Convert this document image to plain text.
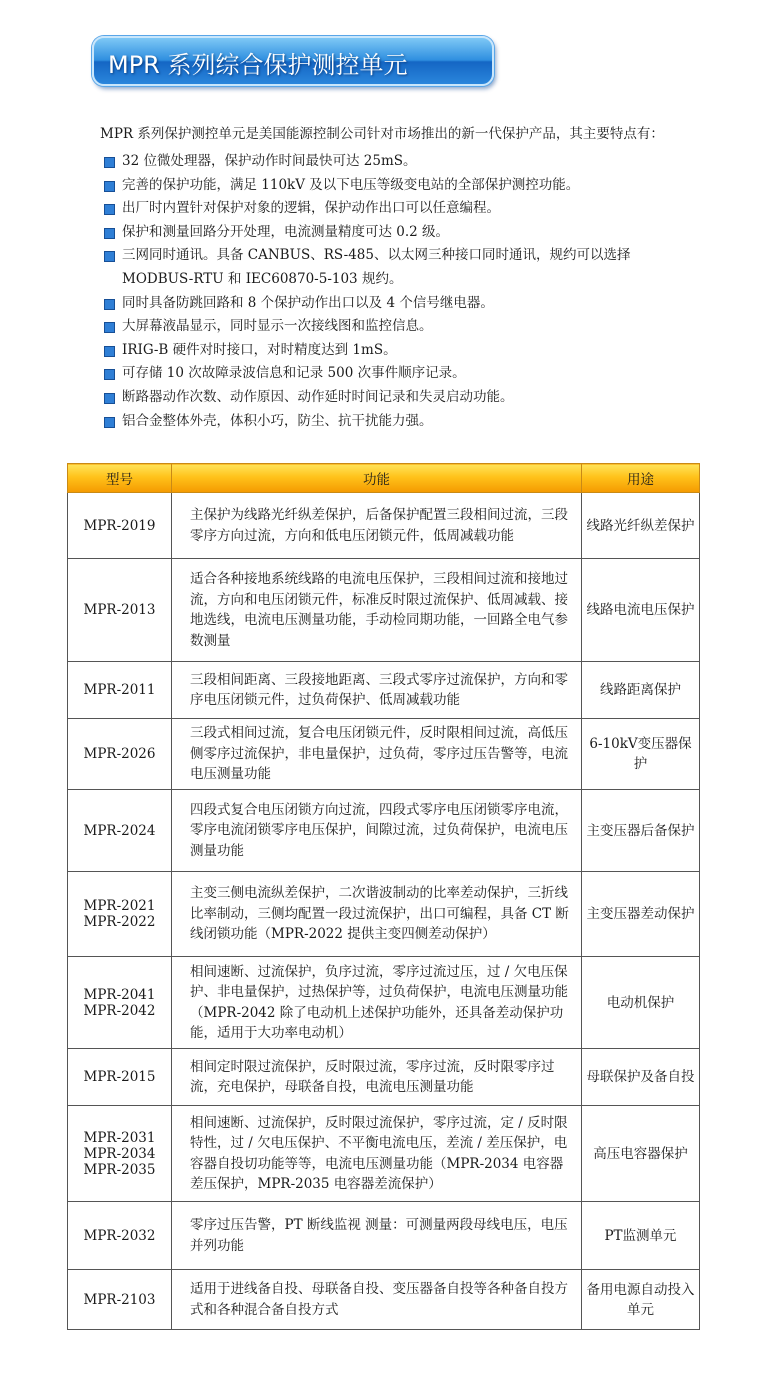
MPR 系列综合保护测控单元
MPR 系列保护测控单元是美国能源控制公司针对市场推出的新一代保护产品，其主要特点有：
32 位微处理器，保护动作时间最快可达 25mS。
完善的保护功能，满足 110kV 及以下电压等级变电站的全部保护测控功能。
出厂时内置针对保护对象的逻辑，保护动作出口可以任意编程。
保护和测量回路分开处理，电流测量精度可达 0.2 级。
三网同时通讯。具备 CANBUS、RS-485、以太网三种接口同时通讯，规约可以选择
MODBUS-RTU 和 IEC60870-5-103 规约。
同时具备防跳回路和 8 个保护动作出口以及 4 个信号继电器。
大屏幕液晶显示，同时显示一次接线图和监控信息。
IRIG-B 硬件对时接口，对时精度达到 1mS。
可存储 10 次故障录波信息和记录 500 次事件顺序记录。
断路器动作次数、动作原因、动作延时时间记录和失灵启动功能。
铝合金整体外壳，体积小巧，防尘、抗干扰能力强。
型号	功能	用途

MPR-2019	主保护为线路光纤纵差保护，后备保护配置三段相间过流，三段零序方向过流，方向和低电压闭锁元件，低周减载功能	线路光纤纵差保护

MPR-2013	适合各种接地系统线路的电流电压保护，三段相间过流和接地过流，方向和电压闭锁元件，标准反时限过流保护、低周减载、接地选线，电流电压测量功能，手动检同期功能，一回路全电气参数测量	线路电流电压保护

MPR-2011	三段相间距离、三段接地距离、三段式零序过流保护，方向和零序电压闭锁元件，过负荷保护、低周减载功能	线路距离保护

MPR-2026	三段式相间过流，复合电压闭锁元件，反时限相间过流，高低压侧零序过流保护，非电量保护，过负荷，零序过压告警等，电流电压测量功能	6-10kV变压器保护

MPR-2024	四段式复合电压闭锁方向过流，四段式零序电压闭锁零序电流，零序电流闭锁零序电压保护，间隙过流，过负荷保护，电流电压测量功能	主变压器后备保护

MPR-2021
MPR-2022	主变三侧电流纵差保护，二次谐波制动的比率差动保护，三折线比率制动，三侧均配置一段过流保护，出口可编程，具备 CT 断线闭锁功能（MPR-2022 提供主变四侧差动保护）	主变压器差动保护

MPR-2041
MPR-2042	相间速断、过流保护，负序过流，零序过流过压，过 / 欠电压保护、非电量保护，过热保护等，过负荷保护，电流电压测量功能（MPR-2042 除了电动机上述保护功能外，还具备差动保护功能，适用于大功率电动机）	电动机保护

MPR-2015	相间定时限过流保护，反时限过流，零序过流，反时限零序过流，充电保护，母联备自投，电流电压测量功能	母联保护及备自投

MPR-2031
MPR-2034
MPR-2035	相间速断、过流保护，反时限过流保护，零序过流，定 / 反时限特性，过 / 欠电压保护、不平衡电流电压，差流 / 差压保护，电容器自投切功能等等，电流电压测量功能（MPR-2034 电容器差压保护，MPR-2035 电容器差流保护）	高压电容器保护

MPR-2032	零序过压告警，PT 断线监视 测量：可测量两段母线电压，电压并列功能	PT监测单元

MPR-2103	适用于进线备自投、母联备自投、变压器备自投等各种备自投方式和各种混合备自投方式	备用电源自动投入单元
